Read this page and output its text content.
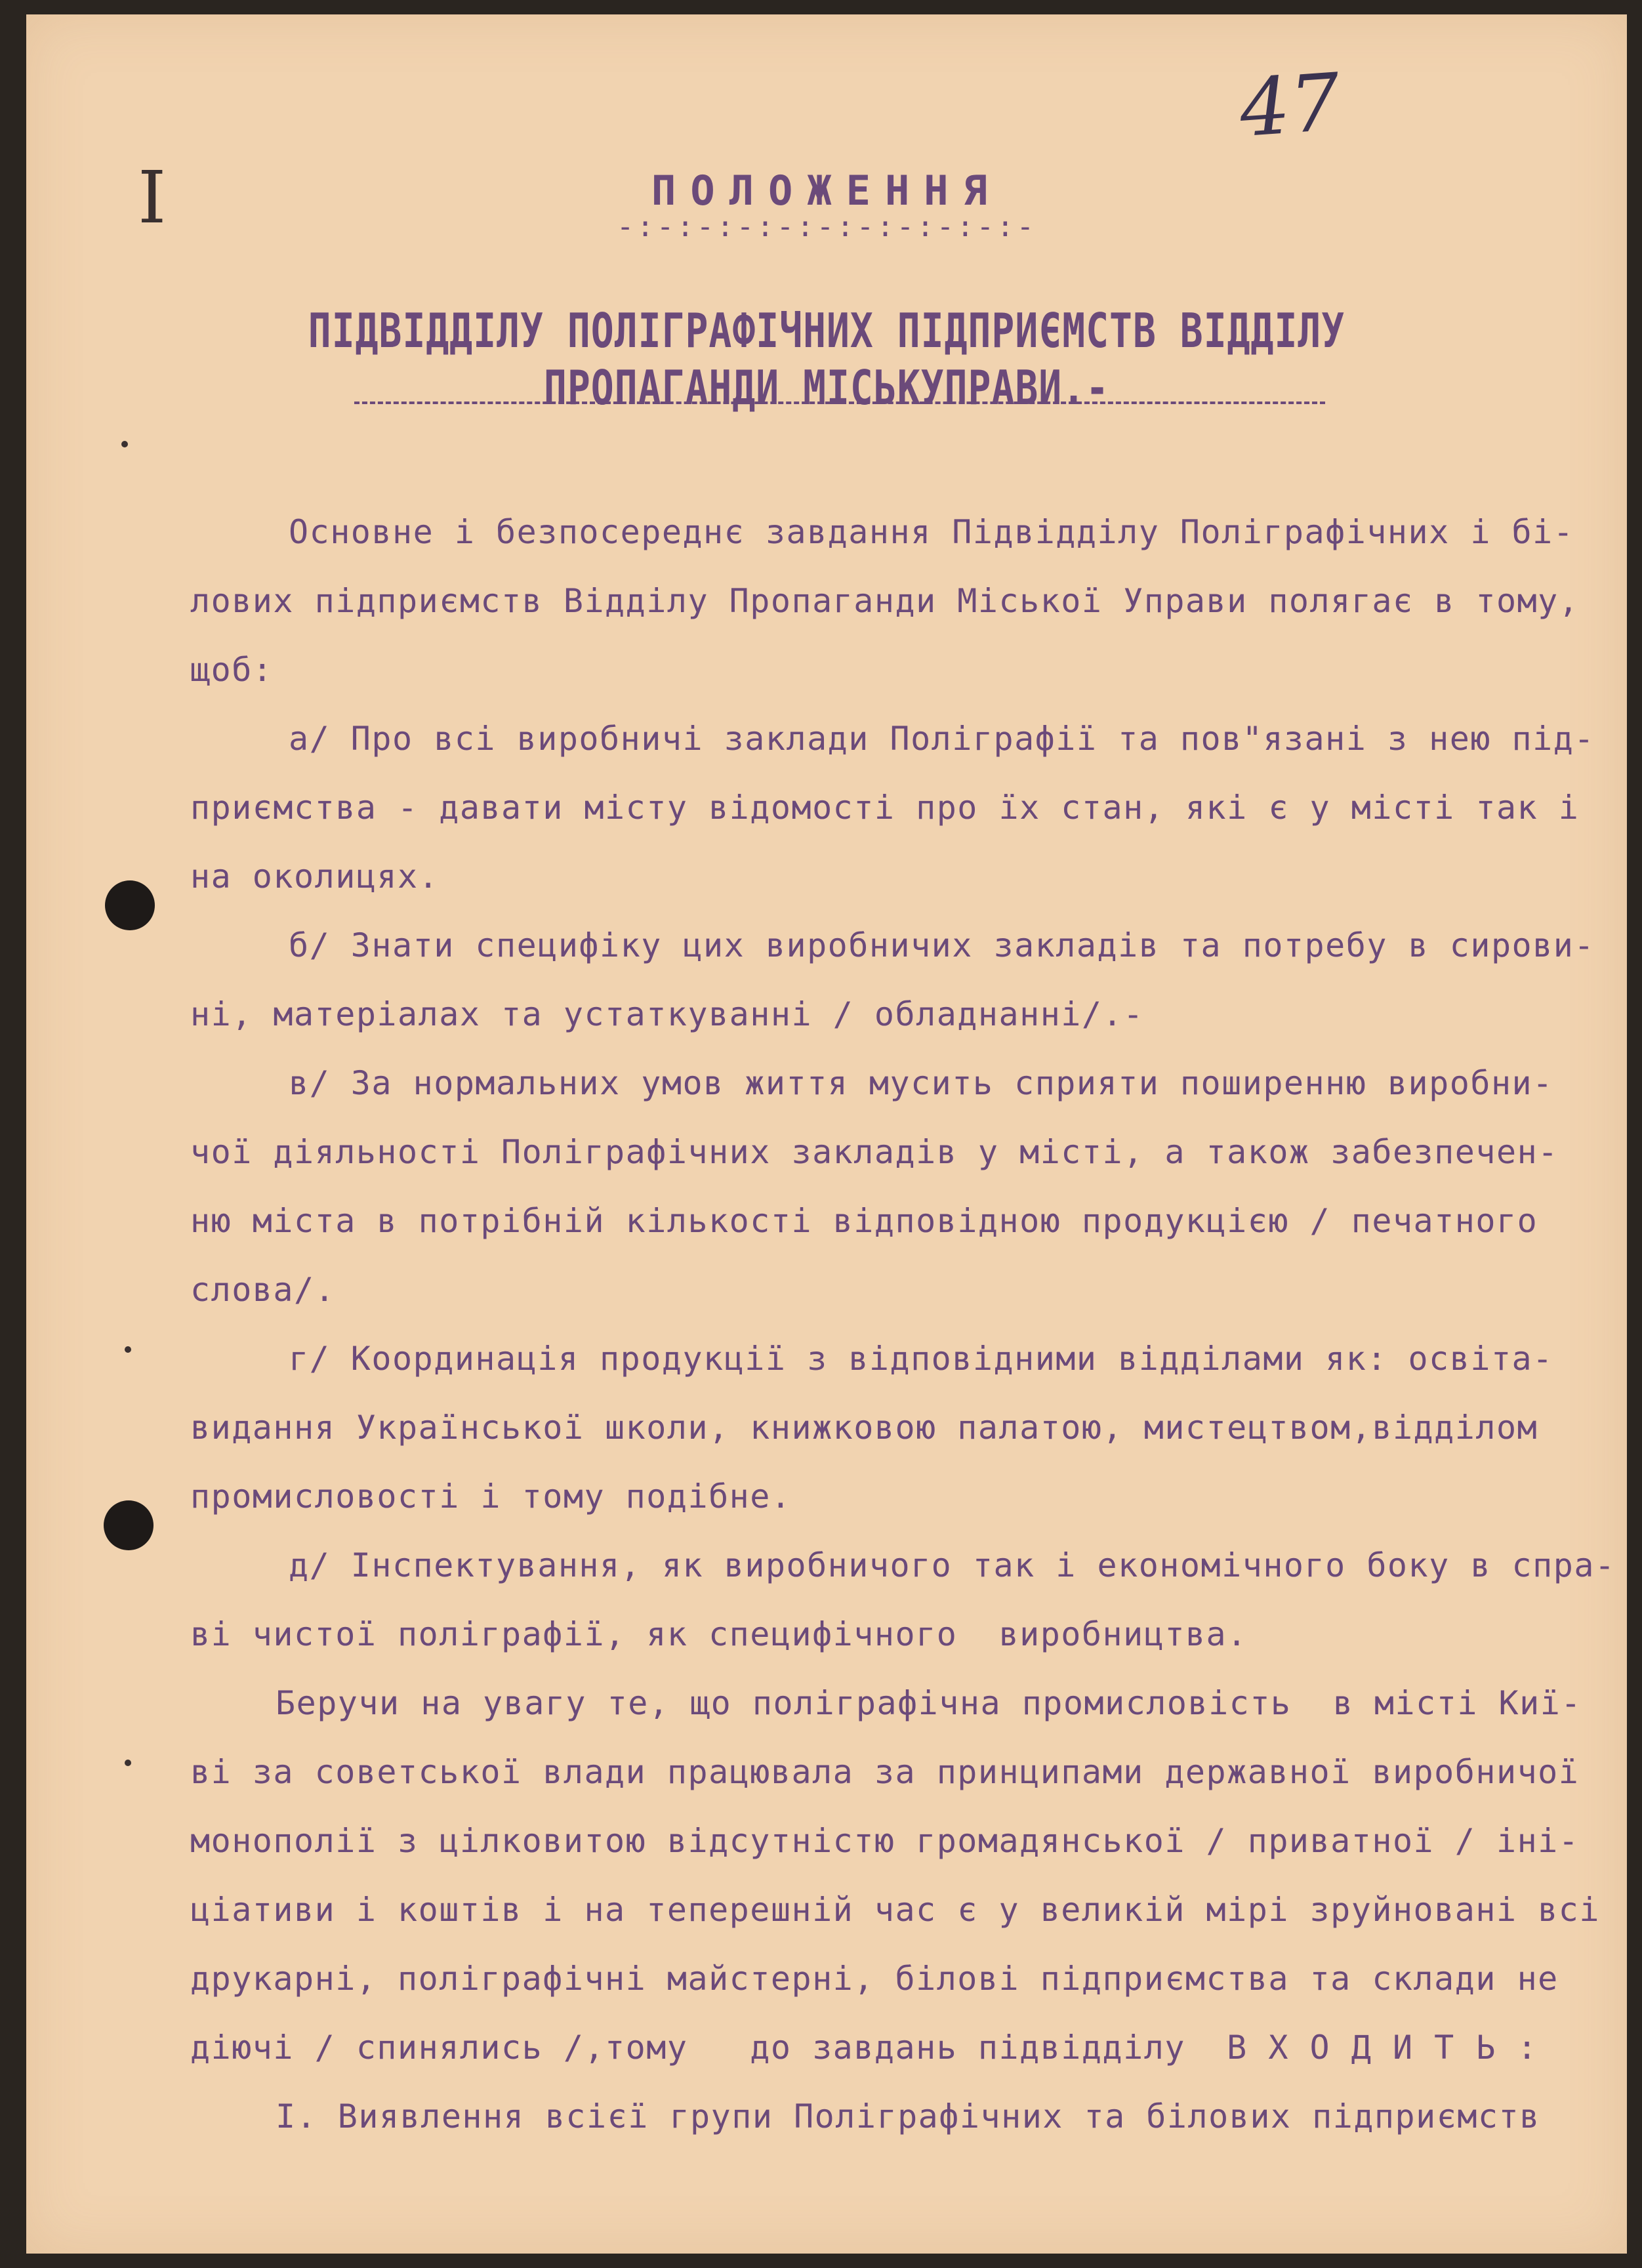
47
I	ПОЛОЖЕННЯ
-:-:-:-:-:-:-:-:-:-:-
ПІДВІДДІЛУ ПОЛІГРАФІЧНИХ ПІДПРИЄМСТВ ВІДДІЛУ
ПРОПАГАНДИ МІСЬКУПРАВИ.-
Основне і безпосереднє завдання Підвідділу Поліграфічних і бі-
лових підприємств Відділу Пропаганди Міської Управи полягає в тому,
щоб:
а/ Про всі виробничі заклади Поліграфії та пов"язані з нею під-
приємства - давати місту відомості про їх стан, які є у місті так і
на околицях.
б/ Знати специфіку цих виробничих закладів та потребу в сирови-
ні, матеріалах та устаткуванні / обладнанні/.-
в/ За нормальних умов життя мусить сприяти поширенню виробни-
чої діяльності Поліграфічних закладів у місті, а також забезпечен-
ню міста в потрібній кількості відповідною продукцією / печатного
слова/.
г/ Координація продукції з відповідними відділами як: освіта-
видання Української школи, книжковою палатою, мистецтвом,відділом
промисловості і тому подібне.
д/ Інспектування, як виробничого так і економічного боку в спра-
ві чистої поліграфії, як специфічного  виробництва.
Беручи на увагу те, що поліграфічна промисловість  в місті Киї-
ві за советської влади працювала за принципами державної виробничої
монополії з цілковитою відсутністю громадянської / приватної / іні-
ціативи і коштів і на теперешній час є у великій мірі зруйновані всі
друкарні, поліграфічні майстерні, білові підприємства та склади не
діючі / спинялись /,тому   до завдань підвідділу  В Х О Д И Т Ь :
І. Виявлення всієї групи Поліграфічних та білових підприємств
